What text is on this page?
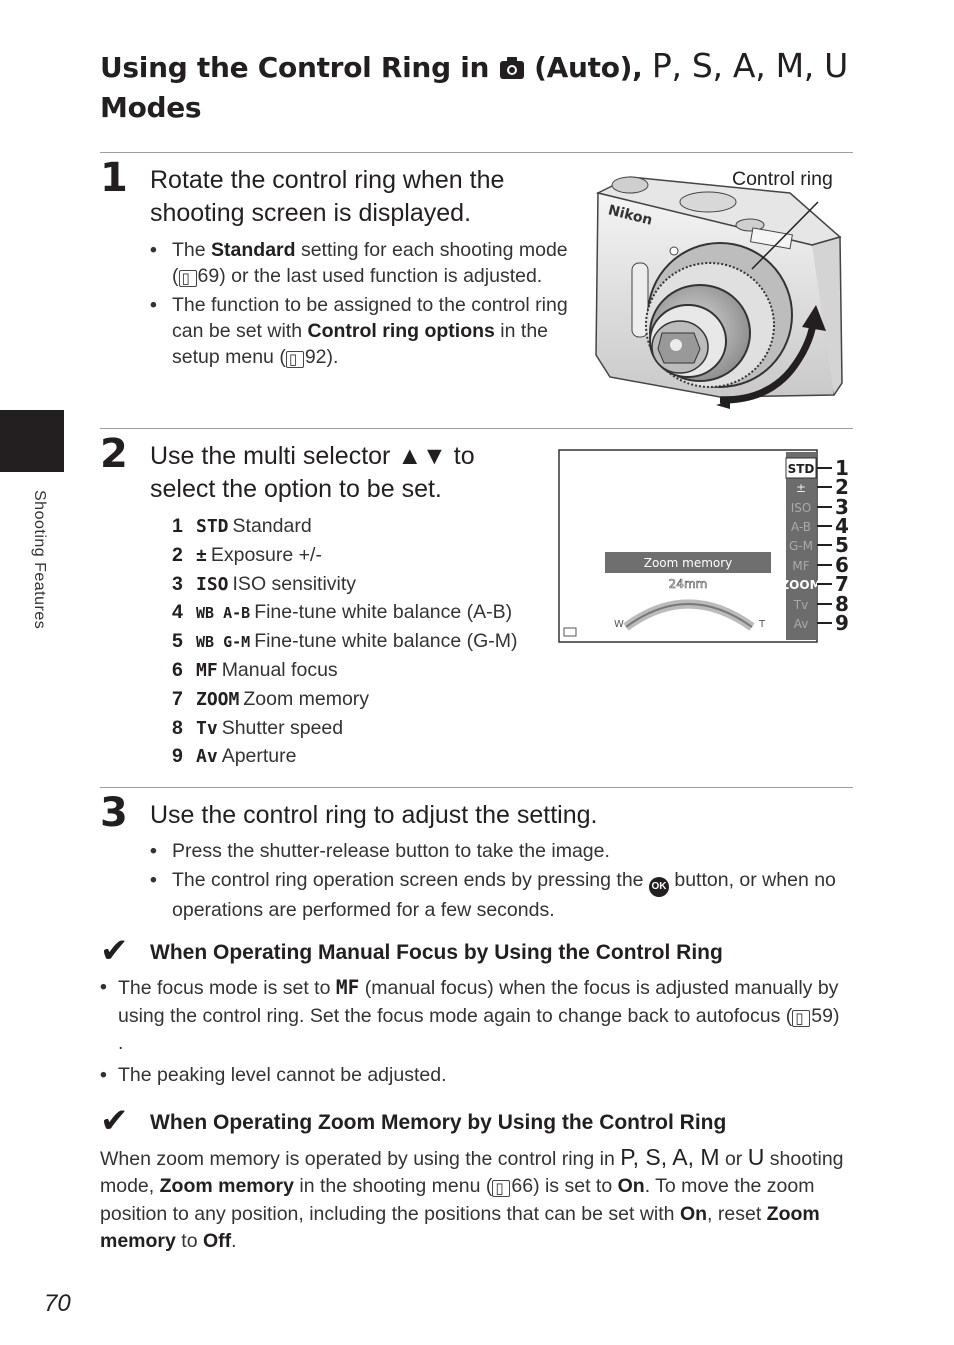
Using the Control Ring in (Auto), P, S, A, M, U
Modes
Shooting Features
1 Rotate the control ring when the shooting screen is displayed.
• The Standard setting for each shooting mode ( ▯ 69) or the last used function is adjusted.
• The function to be assigned to the control ring can be set with Control ring options in the setup menu ( ▯ 92).
Nikon
Control ring
2 Use the multi selector ▲▼ to select the option to be set.
1 STD Standard
2 ± Exposure +/-
3 ISO ISO sensitivity
4 WB A-B Fine-tune white balance (A-B)
5 WB G-M Fine-tune white balance (G-M)
6 MF Manual focus
7 ZOOM Zoom memory
8 Tv Shutter speed
9 Av Aperture
STD
±
ISO
A-B
G-M
MF
ZOOM
Tv
Av
Zoom memory
24mm
W	T
1
2
3
4
5
6
7
8
9
3 Use the control ring to adjust the setting.
• Press the shutter-release button to take the image.
• The control ring operation screen ends by pressing the OK button, or when no operations are performed for a few seconds.
✔ When Operating Manual Focus by Using the Control Ring
• The focus mode is set to MF (manual focus) when the focus is adjusted manually by using the control ring. Set the focus mode again to change back to autofocus ( ▯ 59) .
• The peaking level cannot be adjusted.
✔ When Operating Zoom Memory by Using the Control Ring
When zoom memory is operated by using the control ring in P, S, A, M or U shooting mode, Zoom memory in the shooting menu ( ▯ 66) is set to On. To move the zoom position to any position, including the positions that can be set with On, reset Zoom memory to Off.
70
